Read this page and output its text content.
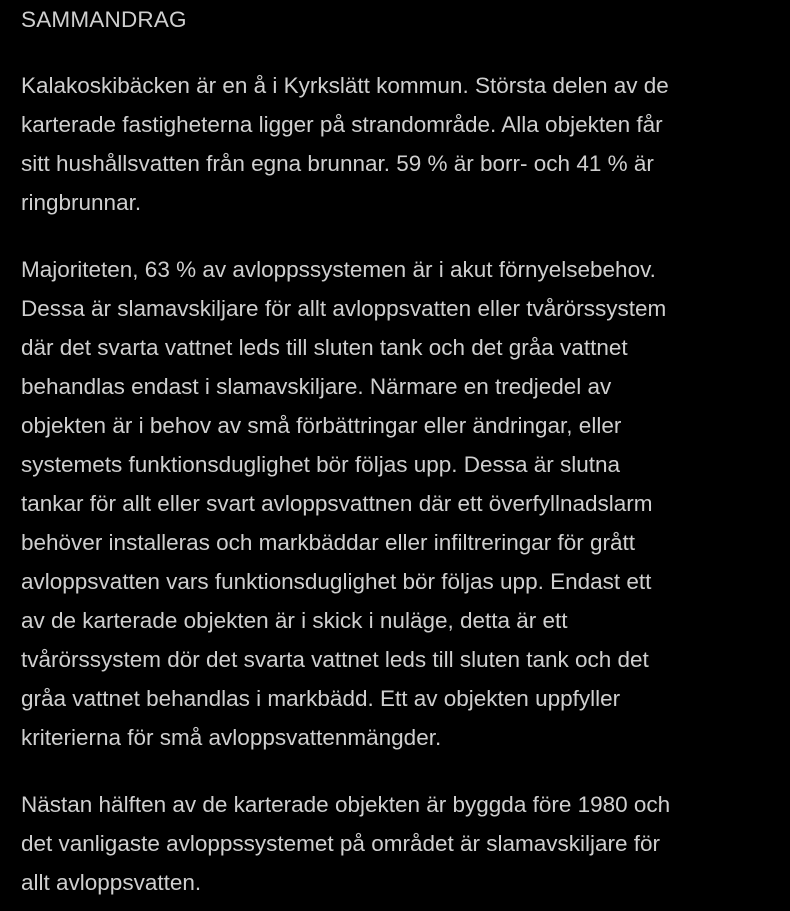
SAMMANDRAG
Kalakoskibäcken är en å i Kyrkslätt kommun. Största delen av de
karterade fastigheterna ligger på strandområde. Alla objekten får
sitt hushållsvatten från egna brunnar. 59 % är borr- och 41 % är
ringbrunnar.
Majoriteten, 63 % av avloppssystemen är i akut förnyelsebehov.
Dessa är slamavskiljare för allt avloppsvatten eller tvårörssystem
där det svarta vattnet leds till sluten tank och det gråa vattnet
behandlas endast i slamavskiljare. Närmare en tredjedel av
objekten är i behov av små förbättringar eller ändringar, eller
systemets funktionsduglighet bör följas upp. Dessa är slutna
tankar för allt eller svart avloppsvattnen där ett överfyllnadslarm
behöver installeras och markbäddar eller infiltreringar för grått
avloppsvatten vars funktionsduglighet bör följas upp. Endast ett
av de karterade objekten är i skick i nuläge, detta är ett
tvårörssystem dör det svarta vattnet leds till sluten tank och det
gråa vattnet behandlas i markbädd. Ett av objekten uppfyller
kriterierna för små avloppsvattenmängder.
Nästan hälften av de karterade objekten är byggda före 1980 och
det vanligaste avloppssystemet på området är slamavskiljare för
allt avloppsvatten.
